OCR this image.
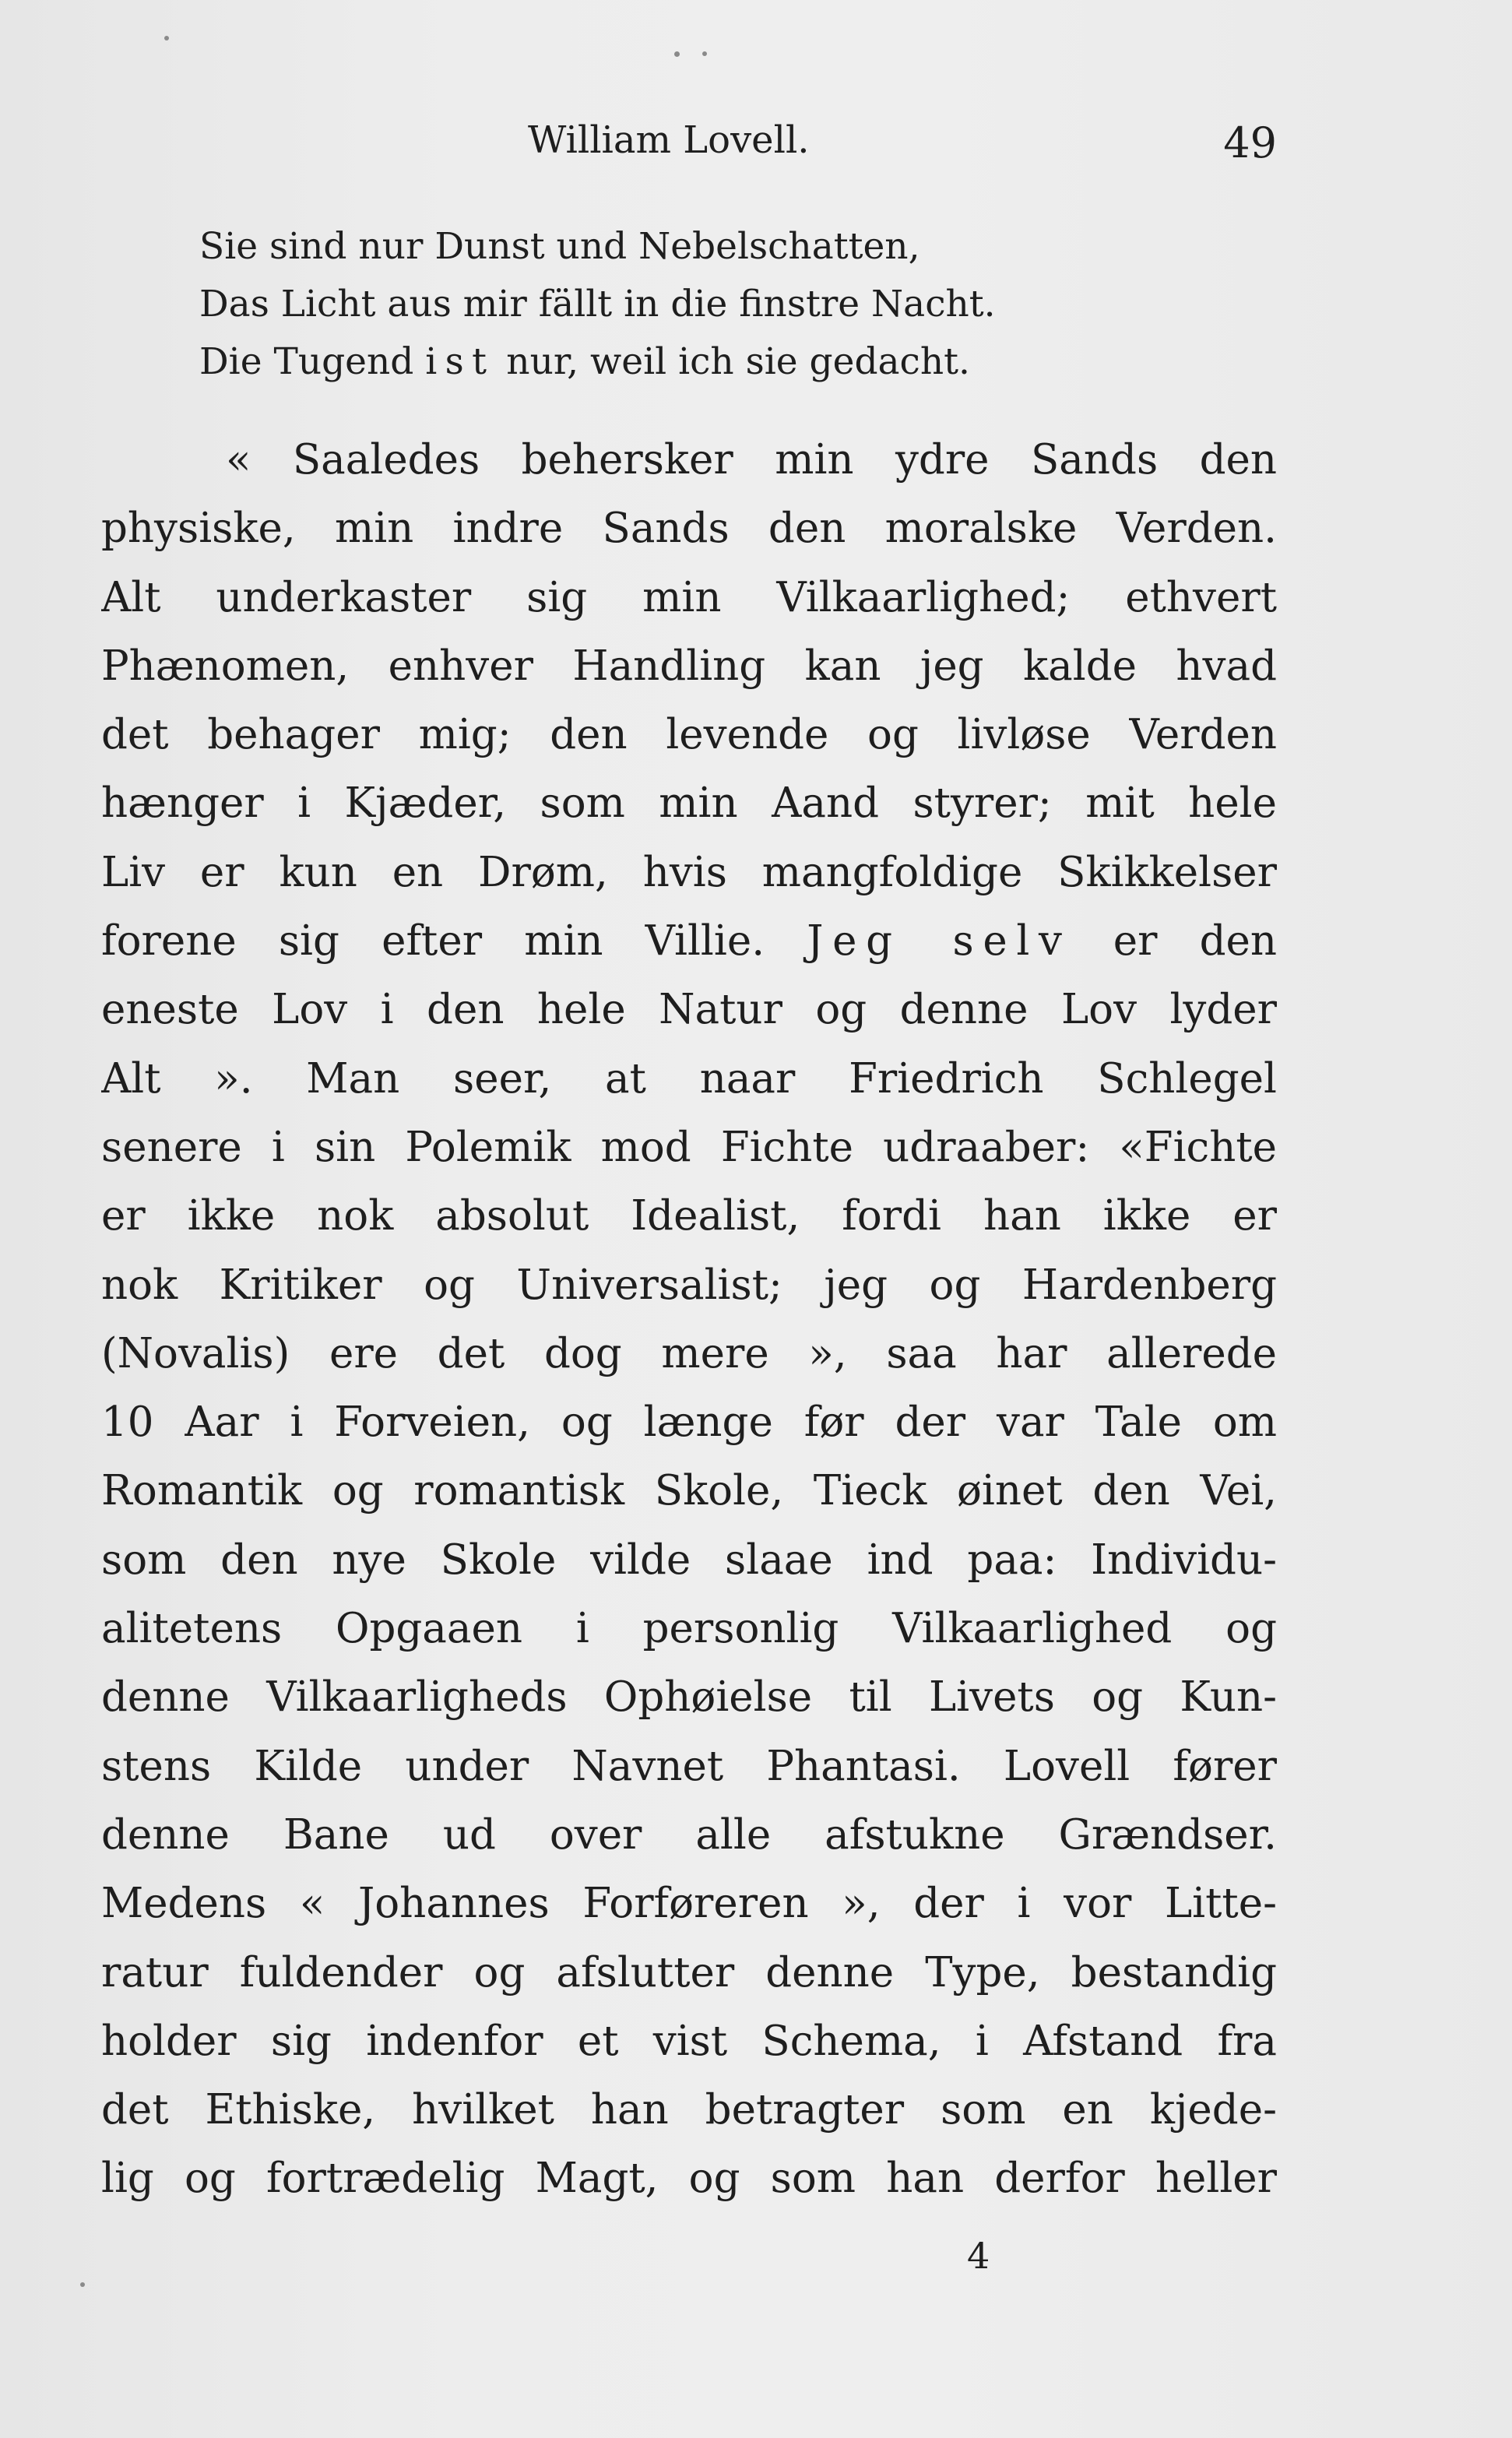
William Lovell.	49
Sie sind nur Dunst und Nebelschatten,
Das Licht aus mir fällt in die finstre Nacht.
Die Tugend ist nur, weil ich sie gedacht.
« Saaledes behersker min ydre Sands den
physiske, min indre Sands den moralske Verden.
Alt underkaster sig min Vilkaarlighed; ethvert
Phænomen, enhver Handling kan jeg kalde hvad
det behager mig; den levende og livløse Verden
hænger i Kjæder, som min Aand styrer; mit hele
Liv er kun en Drøm, hvis mangfoldige Skikkelser
forene sig efter min Villie. Jeg selv er den
eneste Lov i den hele Natur og denne Lov lyder
Alt ». Man seer, at naar Friedrich Schlegel
senere i sin Polemik mod Fichte udraaber: «Fichte
er ikke nok absolut Idealist, fordi han ikke er
nok Kritiker og Universalist; jeg og Hardenberg
(Novalis) ere det dog mere », saa har allerede
10 Aar i Forveien, og længe før der var Tale om
Romantik og romantisk Skole, Tieck øinet den Vei,
som den nye Skole vilde slaae ind paa: Individu-
alitetens Opgaaen i personlig Vilkaarlighed og
denne Vilkaarligheds Ophøielse til Livets og Kun-
stens Kilde under Navnet Phantasi. Lovell fører
denne Bane ud over alle afstukne Grændser.
Medens « Johannes Forføreren », der i vor Litte-
ratur fuldender og afslutter denne Type, bestandig
holder sig indenfor et vist Schema, i Afstand fra
det Ethiske, hvilket han betragter som en kjede-
lig og fortrædelig Magt, og som han derfor heller
4
